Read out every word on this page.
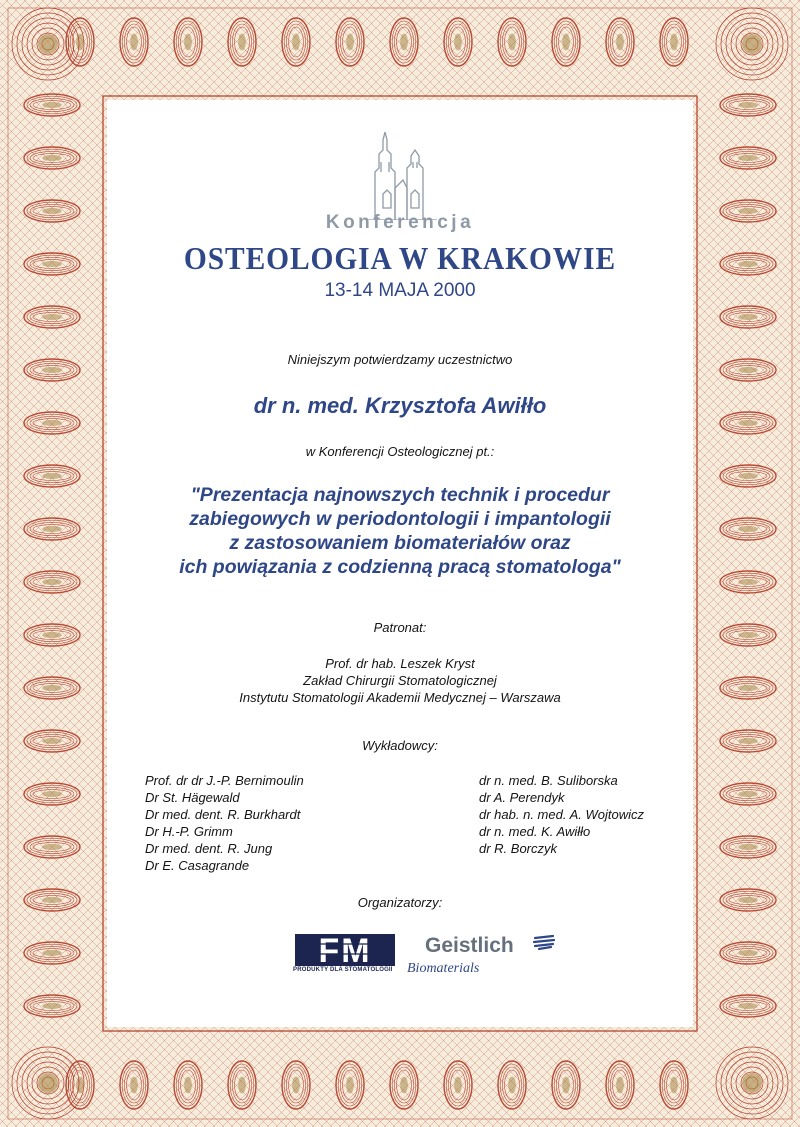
Konferencja
OSTEOLOGIA W KRAKOWIE
13-14 MAJA 2000
Niniejszym potwierdzamy uczestnictwo
dr n. med. Krzysztofa Awiłło
w Konferencji Osteologicznej pt.:
"Prezentacja najnowszych technik i procedur
zabiegowych w periodontologii i impantologii
z zastosowaniem biomateriałów oraz
ich powiązania z codzienną pracą stomatologa"
Patronat:
Prof. dr hab. Leszek Kryst
Zakład Chirurgii Stomatologicznej
Instytutu Stomatologii Akademii Medycznej – Warszawa
Wykładowcy:
Prof. dr dr J.-P. Bernimoulin
Dr St. Hägewald
Dr med. dent. R. Burkhardt
Dr H.-P. Grimm
Dr med. dent. R. Jung
Dr E. Casagrande
dr n. med. B. Suliborska
dr A. Perendyk
dr hab. n. med. A. Wojtowicz
dr n. med. K. Awiłło
dr R. Borczyk
Organizatorzy:
FM
PRODUKTY DLA STOMATOLOGII
Geistlich
Biomaterials
